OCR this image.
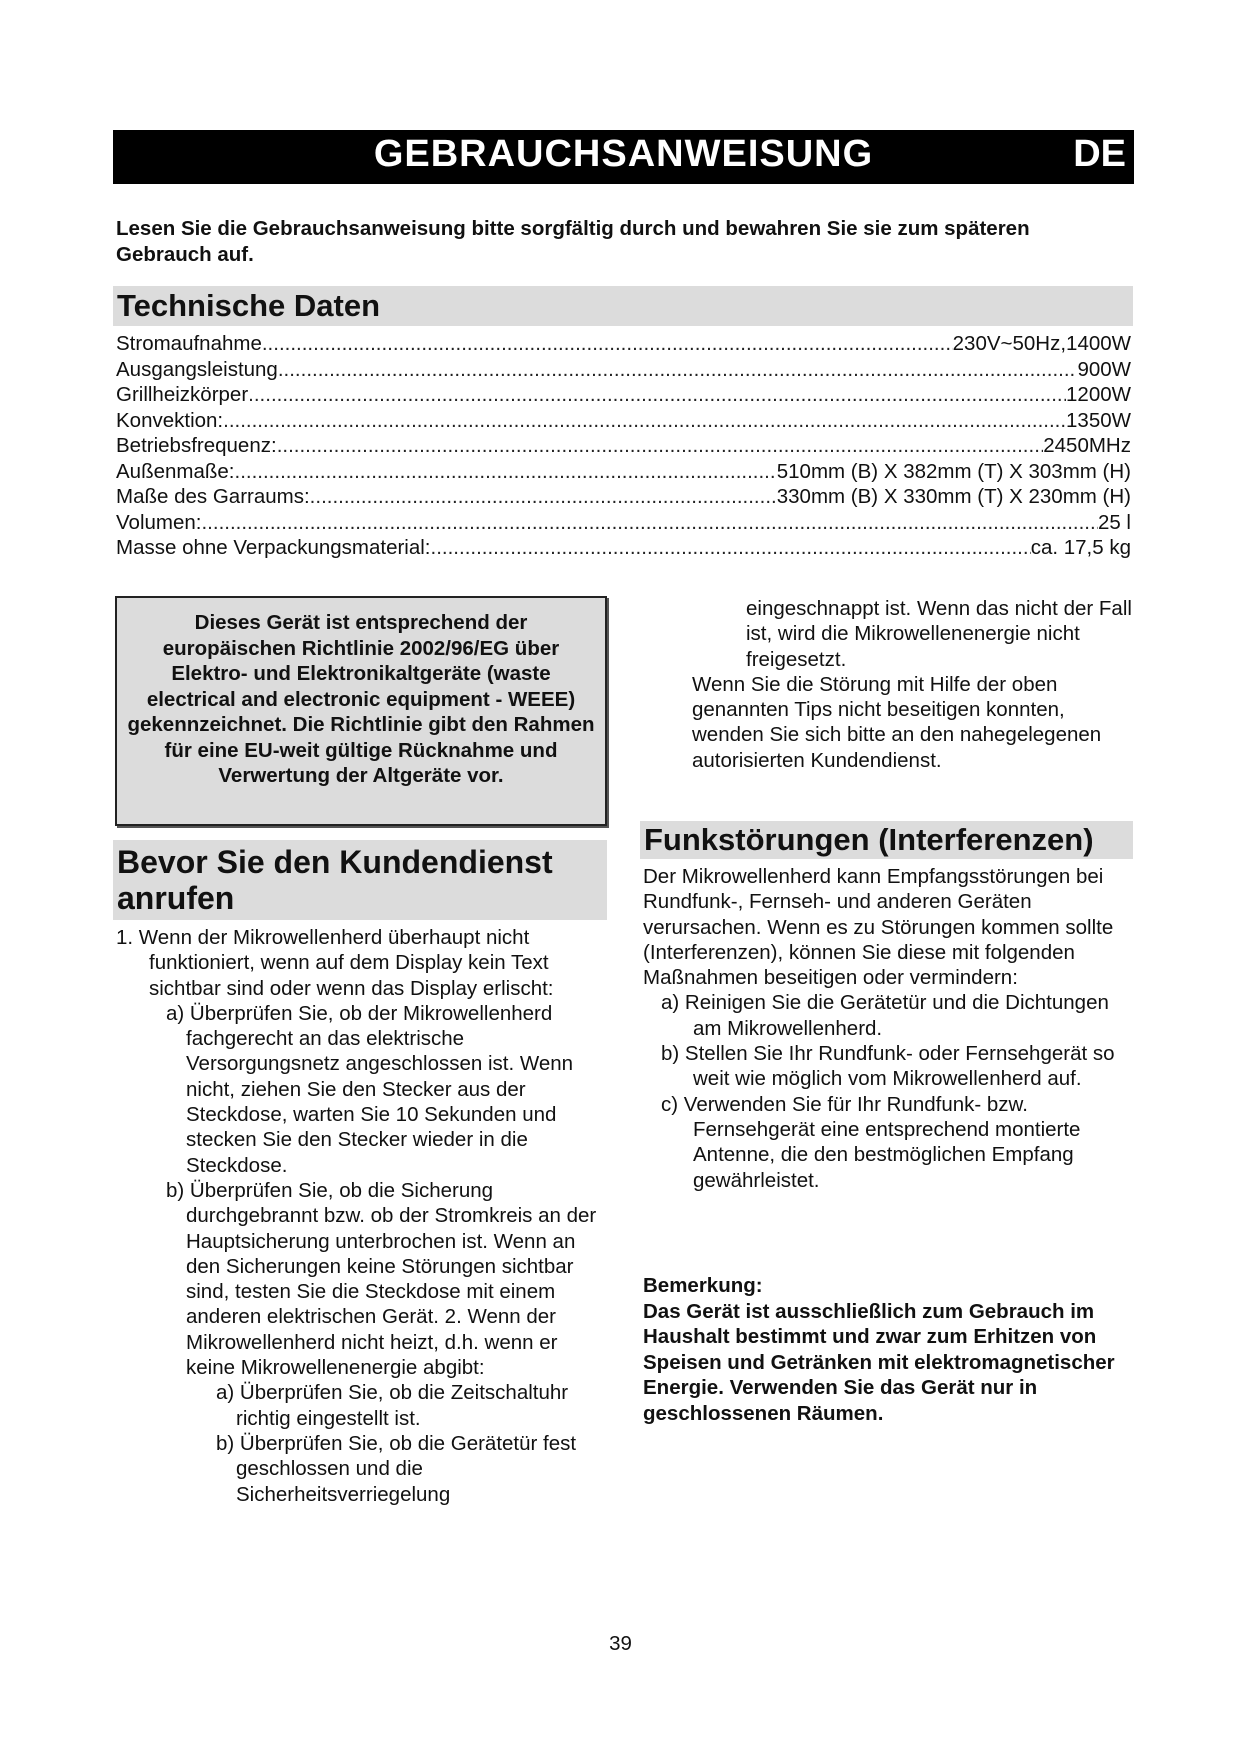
GEBRAUCHSANWEISUNG	DE
Lesen Sie die Gebrauchsanweisung bitte sorgfältig durch und bewahren Sie sie zum späteren Gebrauch auf.
Technische Daten
Stromaufnahme .....	230V~50Hz,1400W
Ausgangsleistung .....	900W
Grillheizkörper .....	1200W
Konvektion: .....	1350W
Betriebsfrequenz: .....	2450MHz
Außenmaße: .....	510mm (B) X 382mm (T) X 303mm (H)
Maße des Garraums: .....	330mm (B) X 330mm (T) X 230mm (H)
Volumen: .....	25 l
Masse ohne Verpackungsmaterial: .....	ca. 17,5 kg
Dieses Gerät ist entsprechend der europäischen Richtlinie 2002/96/EG über Elektro- und Elektronikaltgeräte (waste electrical and electronic equipment - WEEE) gekennzeichnet. Die Richtlinie gibt den Rahmen für eine EU-weit gültige Rücknahme und Verwertung der Altgeräte vor.
Bevor Sie den Kundendienst anrufen
1. Wenn der Mikrowellenherd überhaupt nicht funktioniert, wenn auf dem Display kein Text sichtbar sind oder wenn das Display erlischt:
a) Überprüfen Sie, ob der Mikrowellenherd fachgerecht an das elektrische Versorgungsnetz angeschlossen ist. Wenn nicht, ziehen Sie den Stecker aus der Steckdose, warten Sie 10 Sekunden und stecken Sie den Stecker wieder in die Steckdose.
b) Überprüfen Sie, ob die Sicherung durchgebrannt bzw. ob der Stromkreis an der Hauptsicherung unterbrochen ist. Wenn an den Sicherungen keine Störungen sichtbar sind, testen Sie die Steckdose mit einem anderen elektrischen Gerät. 2. Wenn der Mikrowellenherd nicht heizt, d.h. wenn er keine Mikrowellenenergie abgibt:
a) Überprüfen Sie, ob die Zeitschaltuhr richtig eingestellt ist.
b) Überprüfen Sie, ob die Gerätetür fest geschlossen und die Sicherheitsverriegelung
eingeschnappt ist. Wenn das nicht der Fall ist, wird die Mikrowellenenergie nicht freigesetzt.
Wenn Sie die Störung mit Hilfe der oben genannten Tips nicht beseitigen konnten, wenden Sie sich bitte an den nahegelegenen autorisierten Kundendienst.
Funkstörungen (Interferenzen)
Der Mikrowellenherd kann Empfangsstörungen bei Rundfunk-, Fernseh- und anderen Geräten verursachen. Wenn es zu Störungen kommen sollte (Interferenzen), können Sie diese mit folgenden Maßnahmen beseitigen oder vermindern:
a) Reinigen Sie die Gerätetür und die Dichtungen am Mikrowellenherd.
b) Stellen Sie Ihr Rundfunk- oder Fernsehgerät so weit wie möglich vom Mikrowellenherd auf.
c) Verwenden Sie für Ihr Rundfunk- bzw. Fernsehgerät eine entsprechend montierte Antenne, die den bestmöglichen Empfang gewährleistet.
Bemerkung:
Das Gerät ist ausschließlich zum Gebrauch im Haushalt bestimmt und zwar zum Erhitzen von Speisen und Getränken mit elektromagnetischer Energie. Verwenden Sie das Gerät nur in geschlossenen Räumen.
39
